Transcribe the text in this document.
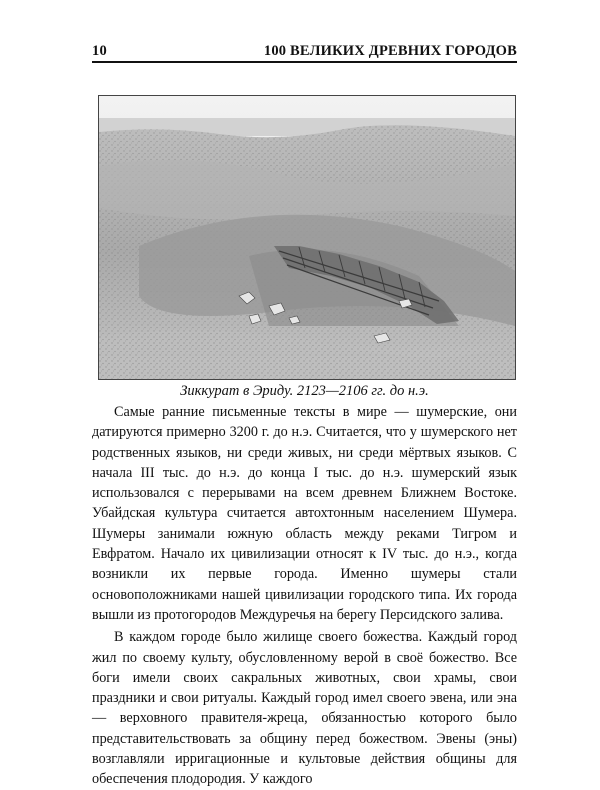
10	100 ВЕЛИКИХ ДРЕВНИХ ГОРОДОВ
Зиккурат в Эриду. 2123—2106 гг. до н.э.

Самые ранние письменные тексты в мире — шумерские, они датируются примерно 3200 г. до н.э. Считается, что у шумерского нет родственных языков, ни среди живых, ни среди мёртвых языков. С начала III тыс. до н.э. до конца I тыс. до н.э. шумерский язык использовался с перерывами на всем древнем Ближнем Востоке. Убайдская культура считается автохтонным населением Шумера. Шумеры занимали южную область между реками Тигром и Евфратом. Начало их цивилизации относят к IV тыс. до н.э., когда возникли их первые города. Именно шумеры стали основоположниками нашей цивилизации городского типа. Их города вышли из протогородов Междуречья на берегу Персидского залива.

В каждом городе было жилище своего божества. Каждый город жил по своему культу, обусловленному верой в своё божество. Все боги имели своих сакральных животных, свои храмы, свои праздники и свои ритуалы. Каждый город имел своего эвена, или эна — верховного правителя-жреца, обязанностью которого было представительствовать за общину перед божеством. Эвены (эны) возглавляли ирригационные и культовые действия общины для обеспечения плодородия. У каждого
